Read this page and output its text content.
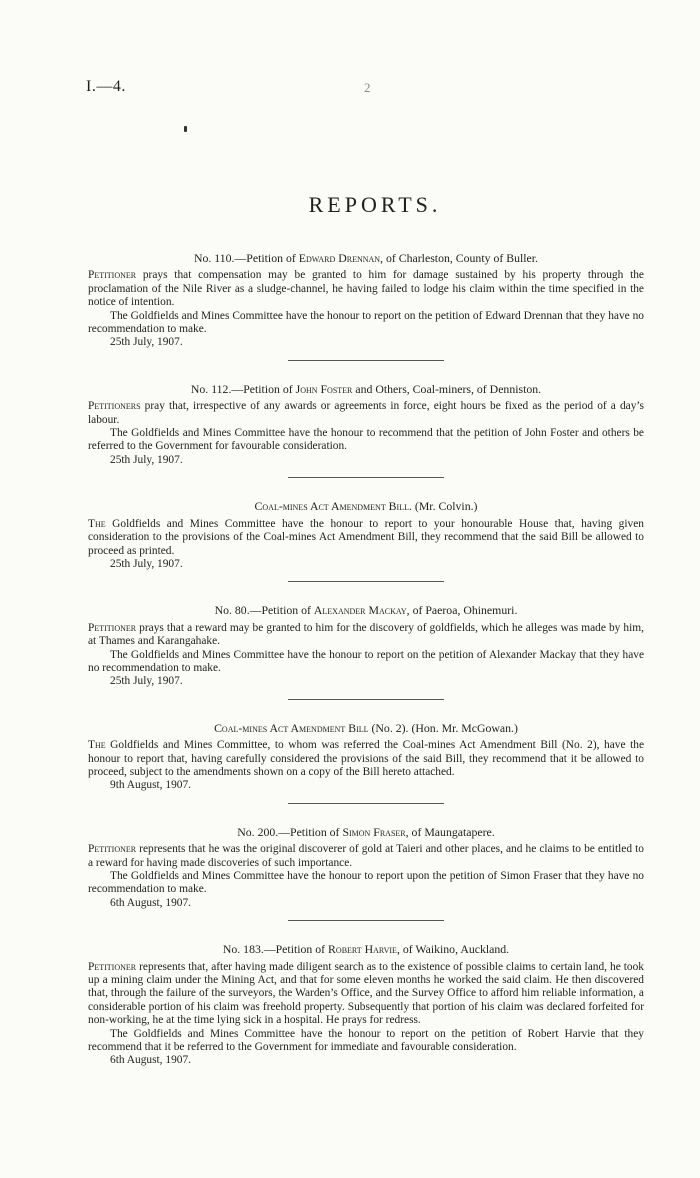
I.—4.	2
REPORTS.

No. 110.—Petition of Edward Drennan, of Charleston, County of Buller.

Petitioner prays that compensation may be granted to him for damage sustained by his property through the proclamation of the Nile River as a sludge-channel, he having failed to lodge his claim within the time specified in the notice of intention.

The Goldfields and Mines Committee have the honour to report on the petition of Edward Drennan that they have no recommendation to make.

25th July, 1907.

No. 112.—Petition of John Foster and Others, Coal-miners, of Denniston.

Petitioners pray that, irrespective of any awards or agreements in force, eight hours be fixed as the period of a day’s labour.

The Goldfields and Mines Committee have the honour to recommend that the petition of John Foster and others be referred to the Government for favourable consideration.

25th July, 1907.

Coal-mines Act Amendment Bill. (Mr. Colvin.)

The Goldfields and Mines Committee have the honour to report to your honourable House that, having given consideration to the provisions of the Coal-mines Act Amendment Bill, they recommend that the said Bill be allowed to proceed as printed.

25th July, 1907.

No. 80.—Petition of Alexander Mackay, of Paeroa, Ohinemuri.

Petitioner prays that a reward may be granted to him for the discovery of goldfields, which he alleges was made by him, at Thames and Karangahake.

The Goldfields and Mines Committee have the honour to report on the petition of Alexander Mackay that they have no recommendation to make.

25th July, 1907.

Coal-mines Act Amendment Bill (No. 2). (Hon. Mr. McGowan.)

The Goldfields and Mines Committee, to whom was referred the Coal-mines Act Amendment Bill (No. 2), have the honour to report that, having carefully considered the provisions of the said Bill, they recommend that it be allowed to proceed, subject to the amendments shown on a copy of the Bill hereto attached.

9th August, 1907.

No. 200.—Petition of Simon Fraser, of Maungatapere.

Petitioner represents that he was the original discoverer of gold at Taieri and other places, and he claims to be entitled to a reward for having made discoveries of such importance.

The Goldfields and Mines Committee have the honour to report upon the petition of Simon Fraser that they have no recommendation to make.

6th August, 1907.

No. 183.—Petition of Robert Harvie, of Waikino, Auckland.

Petitioner represents that, after having made diligent search as to the existence of possible claims to certain land, he took up a mining claim under the Mining Act, and that for some eleven months he worked the said claim. He then discovered that, through the failure of the surveyors, the Warden’s Office, and the Survey Office to afford him reliable information, a considerable portion of his claim was freehold property. Subsequently that portion of his claim was declared forfeited for non-working, he at the time lying sick in a hospital. He prays for redress.

The Goldfields and Mines Committee have the honour to report on the petition of Robert Harvie that they recommend that it be referred to the Government for immediate and favourable consideration.

6th August, 1907.
